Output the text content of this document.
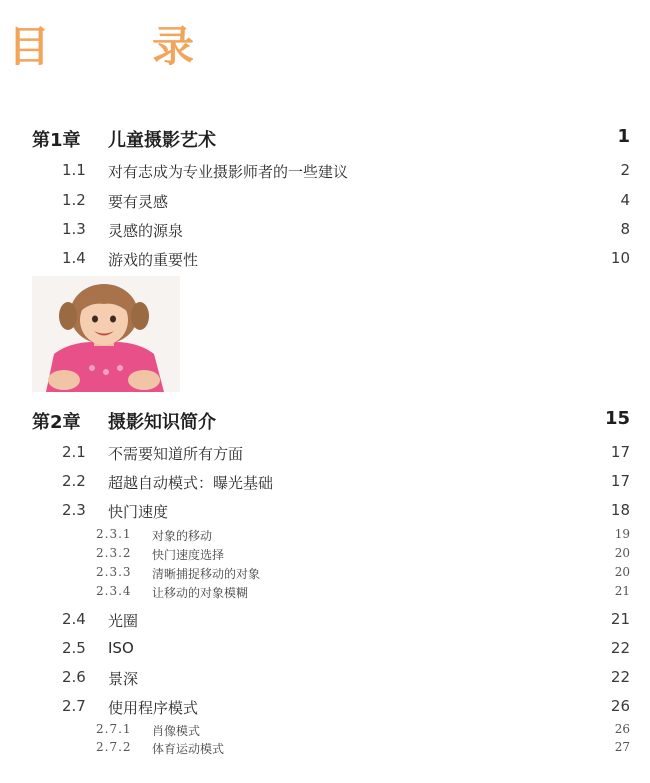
目　录
第1章 儿童摄影艺术	1
1.1 对有志成为专业摄影师者的一些建议	2
1.2 要有灵感	4
1.3 灵感的源泉	8
1.4 游戏的重要性	10
第2章 摄影知识简介	15
2.1 不需要知道所有方面	17
2.2 超越自动模式：曝光基础	17
2.3 快门速度	18
2.3.1 对象的移动	19
2.3.2 快门速度选择	20
2.3.3 清晰捕捉移动的对象	20
2.3.4 让移动的对象模糊	21
2.4 光圈	21
2.5 ISO	22
2.6 景深	22
2.7 使用程序模式	26
2.7.1 肖像模式	26
2.7.2 体育运动模式	27
